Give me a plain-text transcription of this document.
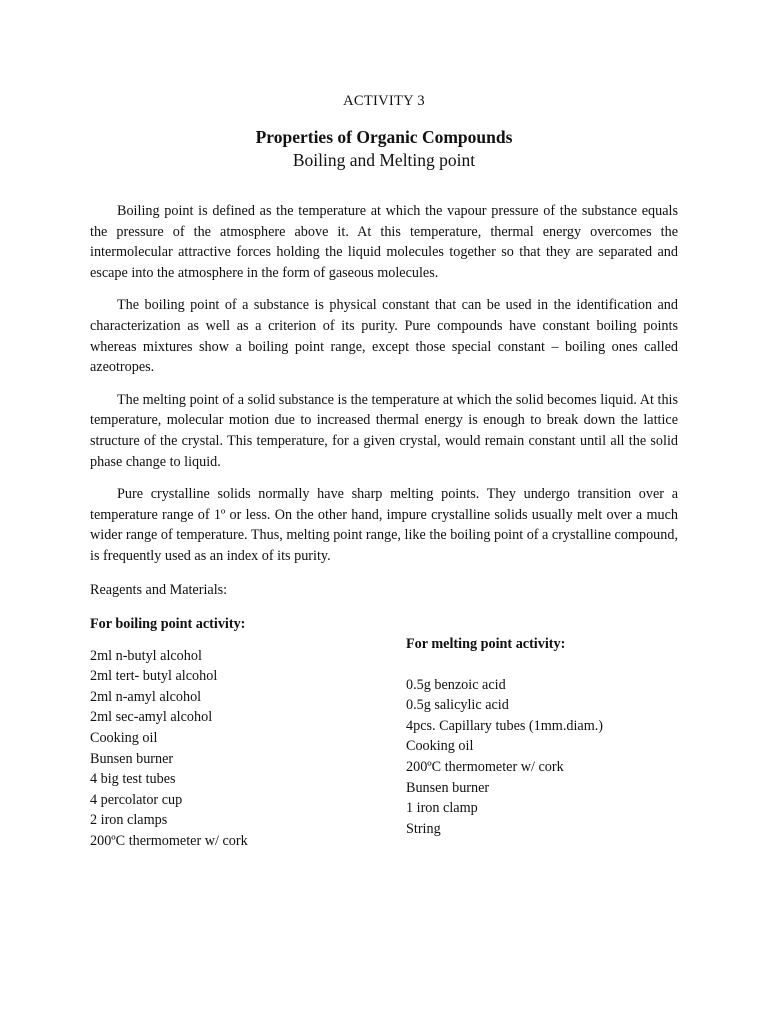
ACTIVITY 3
Properties of Organic Compounds
Boiling and Melting point

Boiling point is defined as the temperature at which the vapour pressure of the substance equals the pressure of the atmosphere above it. At this temperature, thermal energy overcomes the intermolecular attractive forces holding the liquid molecules together so that they are separated and escape into the atmosphere in the form of gaseous molecules.

The boiling point of a substance is physical constant that can be used in the identification and characterization as well as a criterion of its purity. Pure compounds have constant boiling points whereas mixtures show a boiling point range, except those special constant – boiling ones called azeotropes.

The melting point of a solid substance is the temperature at which the solid becomes liquid. At this temperature, molecular motion due to increased thermal energy is enough to break down the lattice structure of the crystal. This temperature, for a given crystal, would remain constant until all the solid phase change to liquid.

Pure crystalline solids normally have sharp melting points. They undergo transition over a temperature range of 1º or less. On the other hand, impure crystalline solids usually melt over a much wider range of temperature. Thus, melting point range, like the boiling point of a crystalline compound, is frequently used as an index of its purity.

Reagents and Materials:

For boiling point activity:

2ml n-butyl alcohol
2ml tert- butyl alcohol
2ml n-amyl alcohol
2ml sec-amyl alcohol
Cooking oil
Bunsen burner
4 big test tubes
4 percolator cup
2 iron clamps
200ºC thermometer w/ cork

For melting point activity:

0.5g benzoic acid
0.5g salicylic acid
4pcs. Capillary tubes (1mm.diam.)
Cooking oil
200ºC thermometer w/ cork
Bunsen burner
1 iron clamp
String
